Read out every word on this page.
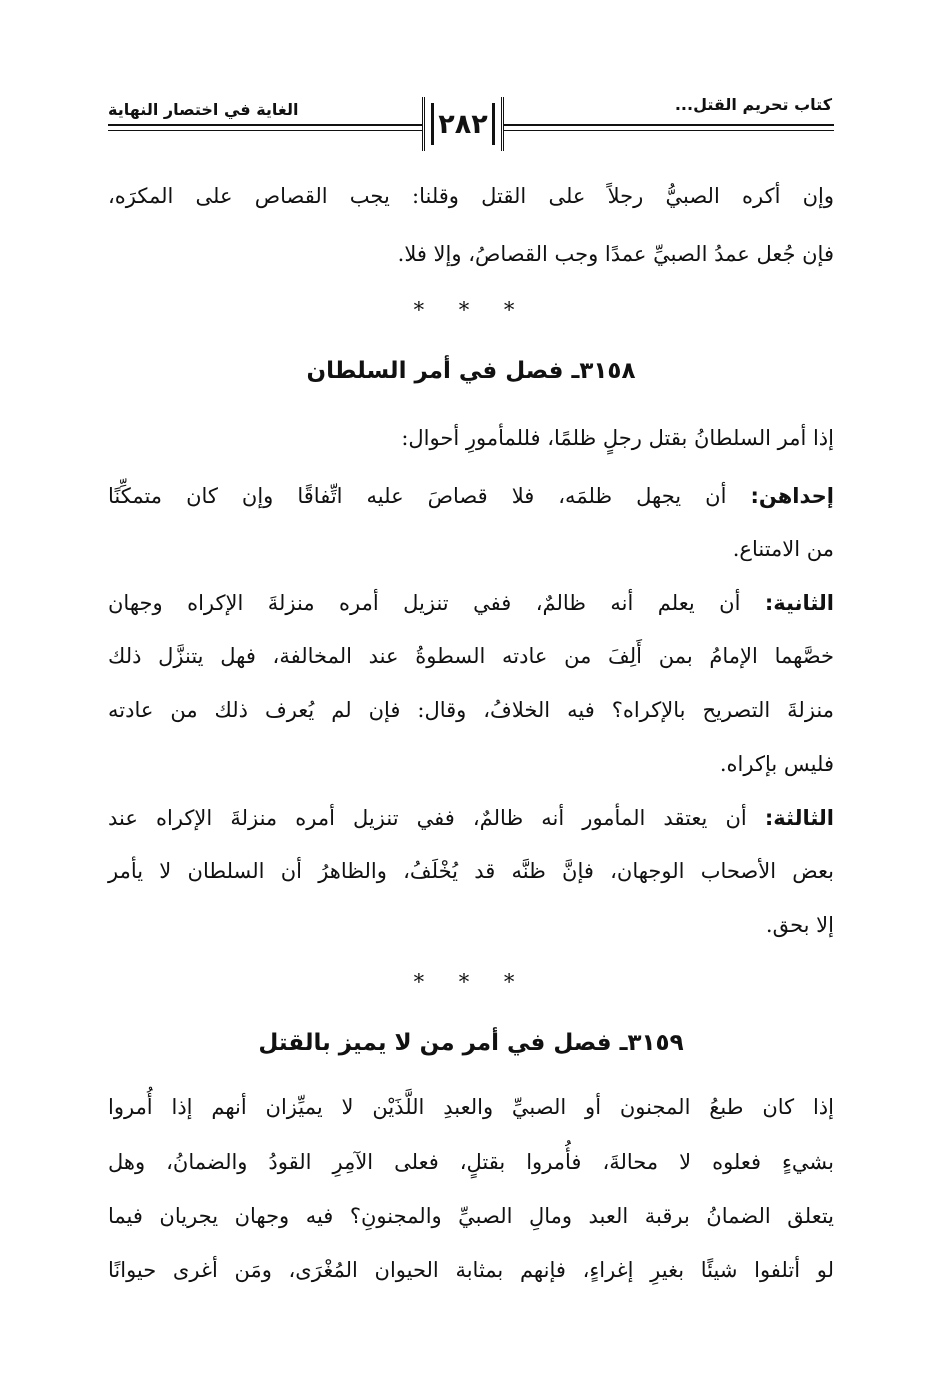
كتاب تحريم القتل...
الغاية في اختصار النهاية	٢٨٢
وإن أكره الصبيُّ رجلاً على القتل وقلنا: يجب القصاص على المكرَه،
فإن جُعل عمدُ الصبيِّ عمدًا وجب القصاصُ، وإلا فلا.
* * *
٣١٥٨ـ فصل في أمر السلطان
إذا أمر السلطانُ بقتل رجلٍ ظلمًا، فللمأمورِ أحوال:
إحداهن: أن يجهل ظلمَه، فلا قصاصَ عليه اتِّفاقًا وإن كان متمكِّنًا
من الامتناع.
الثانية: أن يعلم أنه ظالمٌ، ففي تنزيل أمره منزلةَ الإكراه وجهان
خصَّهما الإمامُ بمن أَلِفَ من عادته السطوةُ عند المخالفة، فهل يتنزَّل ذلك
منزلةَ التصريح بالإكراه؟ فيه الخلافُ، وقال: فإن لم يُعرف ذلك من عادته
فليس بإكراه.
الثالثة: أن يعتقد المأمور أنه ظالمٌ، ففي تنزيل أمره منزلةَ الإكراه عند
بعض الأصحاب الوجهان، فإنَّ ظنَّه قد يُخْلَفُ، والظاهرُ أن السلطان لا يأمر
إلا بحق.
* * *
٣١٥٩ـ فصل في أمر من لا يميز بالقتل
إذا كان طبعُ المجنون أو الصبيِّ والعبدِ اللَّذَيْن لا يميِّزان أنهم إذا أُمروا
بشيءٍ فعلوه لا محالةَ، فأُمروا بقتلٍ، فعلى الآمِرِ القودُ والضمانُ، وهل
يتعلق الضمانُ برقبة العبد ومالِ الصبيِّ والمجنونِ؟ فيه وجهان يجريان فيما
لو أتلفوا شيئًا بغيرِ إغراءٍ، فإنهم بمثابة الحيوان المُغْرَى، ومَن أغرى حيوانًا
